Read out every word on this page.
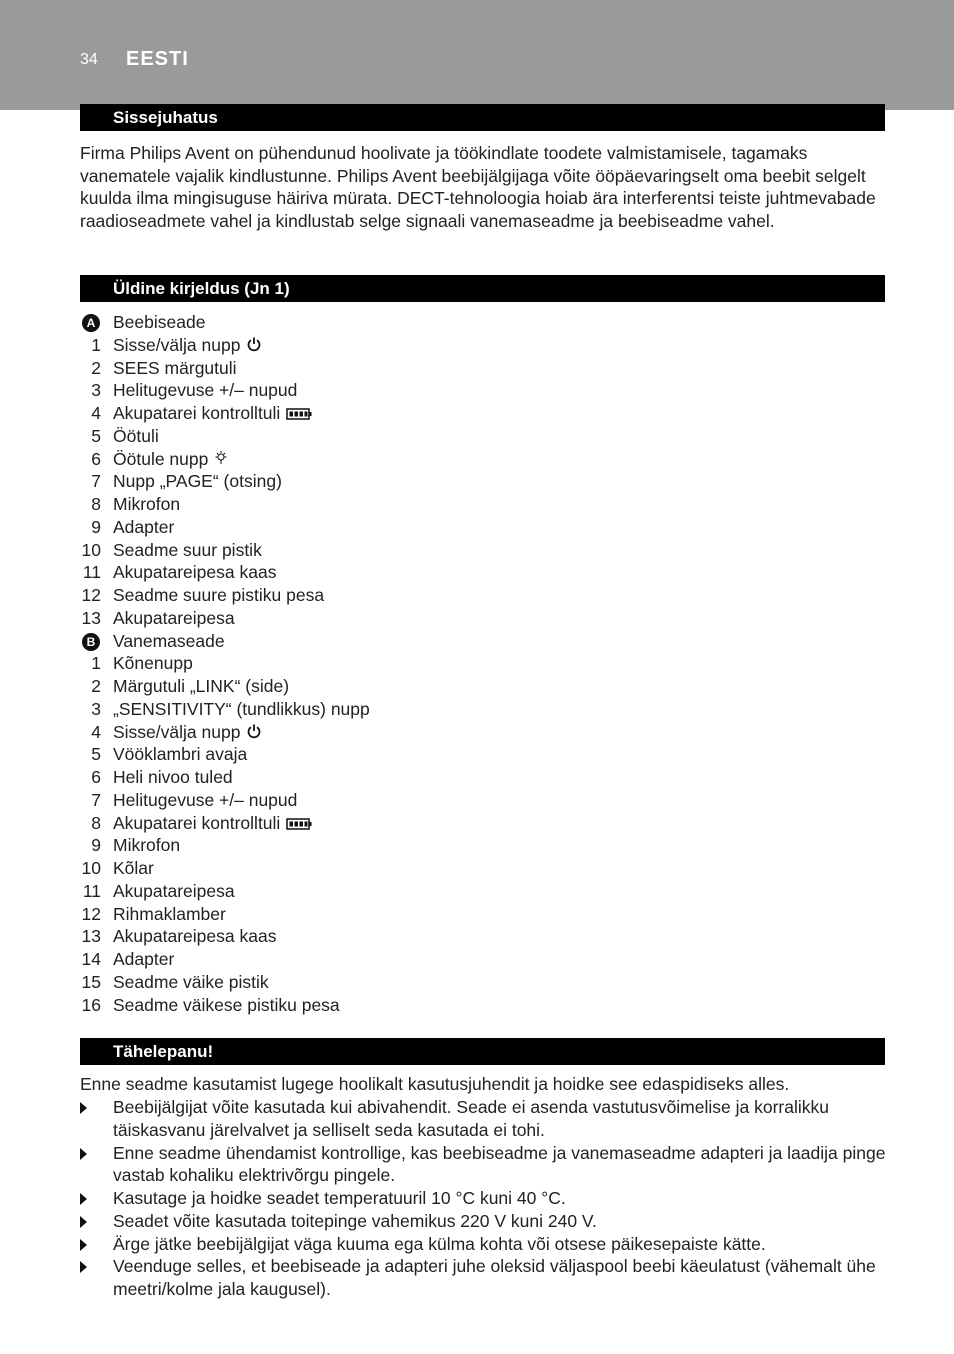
34 EESTI
Sissejuhatus
Firma Philips Avent on pühendunud hoolivate ja töökindlate toodete valmistamisele, tagamaks vanematele vajalik kindlustunne. Philips Avent beebijälgijaga võite ööpäevaringselt oma beebit selgelt kuulda ilma mingisuguse häiriva mürata. DECT-tehnoloogia hoiab ära interferentsi teiste juhtmevabade raadioseadmete vahel ja kindlustab selge signaali vanemaseadme ja beebiseadme vahel.
Üldine kirjeldus (Jn 1)
A Beebiseade
1 Sisse/välja nupp
2 SEES märgutuli
3 Helitugevuse +/– nupud
4 Akupatarei kontrolltuli
5 Öötuli
6 Öötule nupp
7 Nupp „PAGE“ (otsing)
8 Mikrofon
9 Adapter
10 Seadme suur pistik
11 Akupatareipesa kaas
12 Seadme suure pistiku pesa
13 Akupatareipesa
B Vanemaseade
1 Kõnenupp
2 Märgutuli „LINK“ (side)
3 „SENSITIVITY“ (tundlikkus) nupp
4 Sisse/välja nupp
5 Vööklambri avaja
6 Heli nivoo tuled
7 Helitugevuse +/– nupud
8 Akupatarei kontrolltuli
9 Mikrofon
10 Kõlar
11 Akupatareipesa
12 Rihmaklamber
13 Akupatareipesa kaas
14 Adapter
15 Seadme väike pistik
16 Seadme väikese pistiku pesa
Tähelepanu!
Enne seadme kasutamist lugege hoolikalt kasutusjuhendit ja hoidke see edaspidiseks alles.
Beebijälgijat võite kasutada kui abivahendit. Seade ei asenda vastutusvõimelise ja korralikku täiskasvanu järelvalvet ja selliselt seda kasutada ei tohi.
Enne seadme ühendamist kontrollige, kas beebiseadme ja vanemaseadme adapteri ja laadija pinge vastab kohaliku elektrivõrgu pingele.
Kasutage ja hoidke seadet temperatuuril 10 °C kuni 40 °C.
Seadet võite kasutada toitepinge vahemikus 220 V kuni 240 V.
Ärge jätke beebijälgijat väga kuuma ega külma kohta või otsese päikesepaiste kätte.
Veenduge selles, et beebiseade ja adapteri juhe oleksid väljaspool beebi käeulatust (vähemalt ühe meetri/kolme jala kaugusel).
